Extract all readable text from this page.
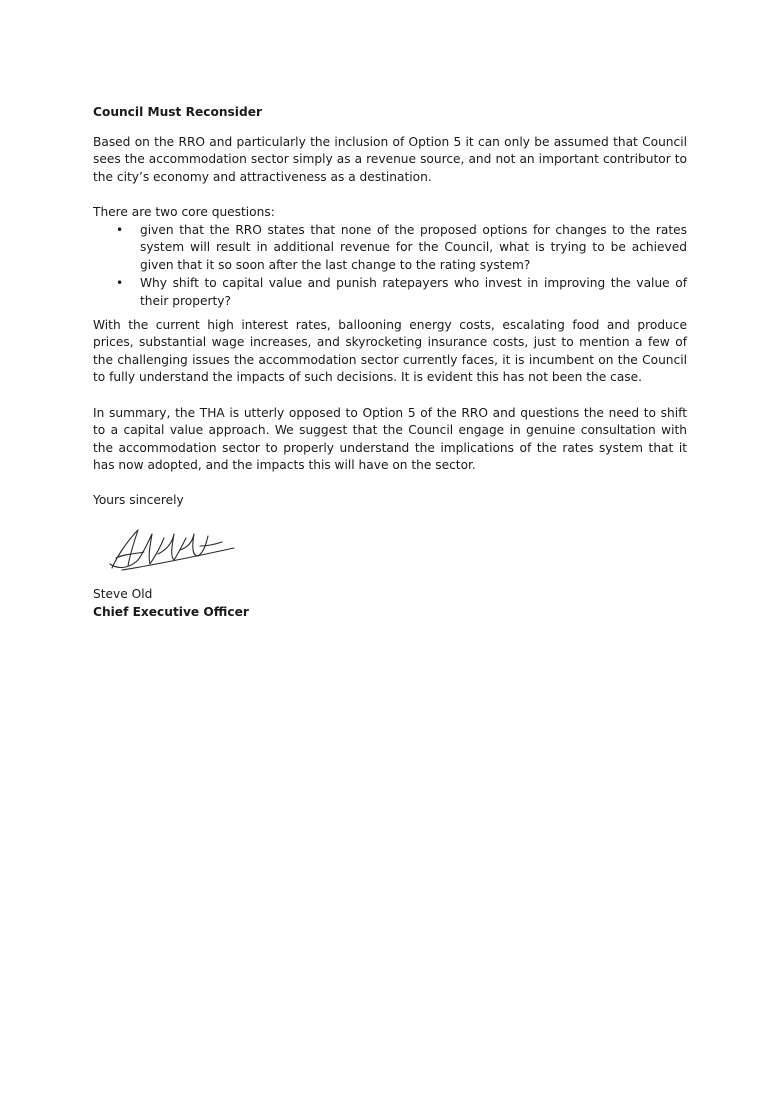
Council Must Reconsider

Based on the RRO and particularly the inclusion of Option 5 it can only be assumed that Council sees the accommodation sector simply as a revenue source, and not an important contributor to the city’s economy and attractiveness as a destination.

There are two core questions:

• given that the RRO states that none of the proposed options for changes to the rates system will result in additional revenue for the Council, what is trying to be achieved given that it so soon after the last change to the rating system?
• Why shift to capital value and punish ratepayers who invest in improving the value of their property?

With the current high interest rates, ballooning energy costs, escalating food and produce prices, substantial wage increases, and skyrocketing insurance costs, just to mention a few of the challenging issues the accommodation sector currently faces, it is incumbent on the Council to fully understand the impacts of such decisions. It is evident this has not been the case.

In summary, the THA is utterly opposed to Option 5 of the RRO and questions the need to shift to a capital value approach. We suggest that the Council engage in genuine consultation with the accommodation sector to properly understand the implications of the rates system that it has now adopted, and the impacts this will have on the sector.

Yours sincerely

Steve Old

Chief Executive Officer
